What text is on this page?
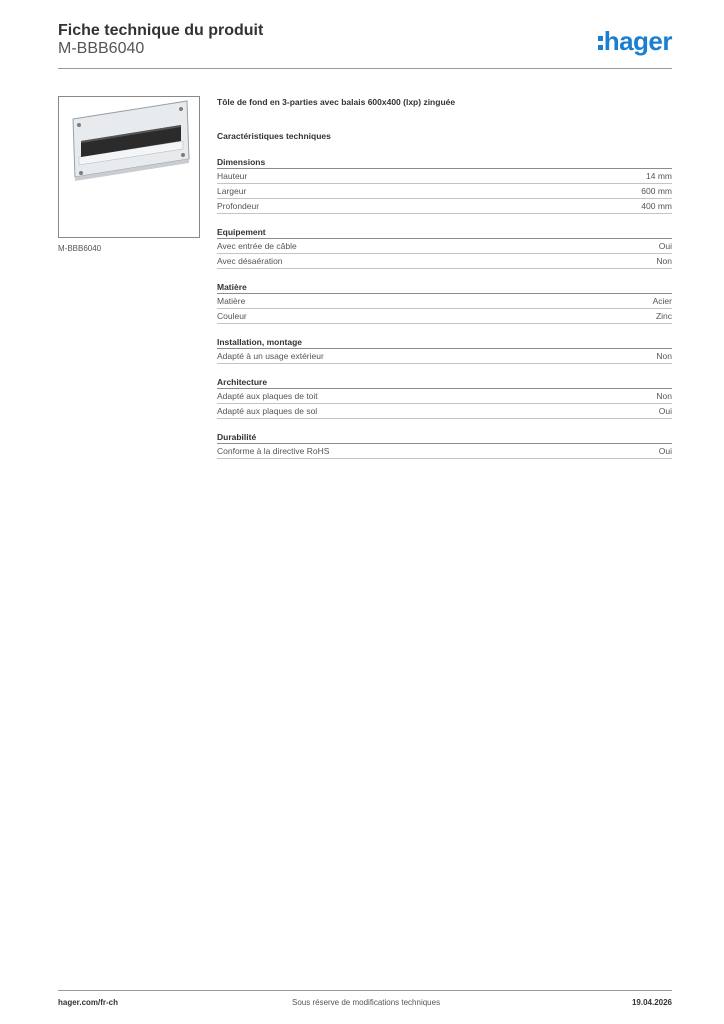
Fiche technique du produit
M-BBB6040	hager
M-BBB6040
Tôle de fond en 3-parties avec balais 600x400 (lxp) zinguée
Caractéristiques techniques
Dimensions
Hauteur	14 mm
Largeur	600 mm
Profondeur	400 mm
Equipement
Avec entrée de câble	Oui
Avec désaération	Non
Matière
Matière	Acier
Couleur	Zinc
Installation, montage
Adapté à un usage extérieur	Non
Architecture
Adapté aux plaques de toit	Non
Adapté aux plaques de sol	Oui
Durabilité
Conforme à la directive RoHS	Oui
hager.com/fr-ch	Sous réserve de modifications techniques	19.04.2026
